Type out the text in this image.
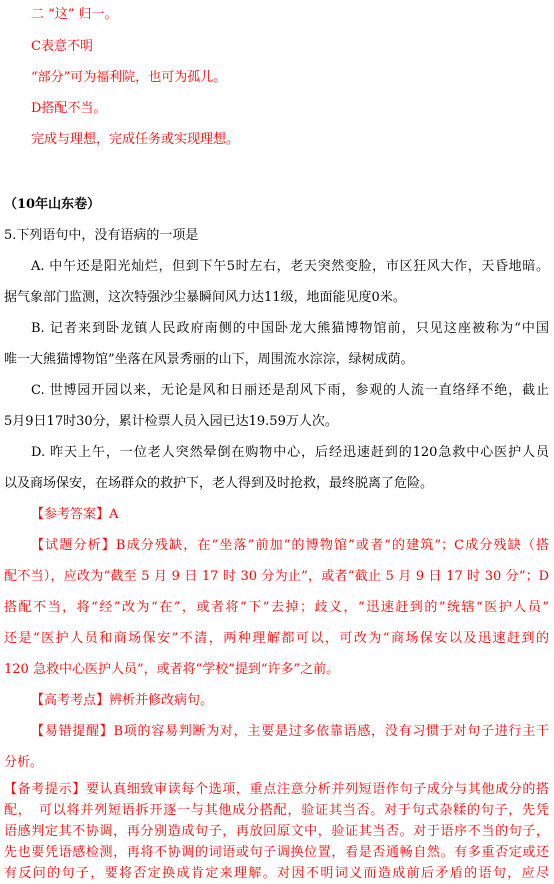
二 “这” 归一。
C表意不明
“部分”可为福利院，也可为孤儿。
D搭配不当。
完成与理想，完成任务或实现理想。
（10年山东卷）
5.下列语句中，没有语病的一项是
A. 中午还是阳光灿烂，但到下午5时左右，老天突然变脸，市区狂风大作，天昏地暗。
据气象部门监测，这次特强沙尘暴瞬间风力达11级，地面能见度0米。
B. 记者来到卧龙镇人民政府南侧的中国卧龙大熊猫博物馆前，只见这座被称为“中国
唯一大熊猫博物馆”坐落在风景秀丽的山下，周围流水淙淙，绿树成荫。
C. 世博园开园以来，无论是风和日丽还是刮风下雨，参观的人流一直络绎不绝，截止
5月9日17时30分，累计检票人员入园已达19.59万人次。
D. 昨天上午，一位老人突然晕倒在购物中心，后经迅速赶到的120急救中心医护人员
以及商场保安，在场群众的救护下，老人得到及时抢救，最终脱离了危险。
【参考答案】A
【试题分析】B成分残缺，在“坐落”前加“的博物馆”或者“的建筑”；C成分残缺（搭
配不当），应改为“截至 5 月 9 日 17 时 30 分为止”，或者“截止 5 月 9 日 17 时 30 分”；D
搭配不当，将“经”改为“在”，或者将“下”去掉；歧义，“迅速赶到的”统辖“医护人员”
还是“医护人员和商场保安”不清，两种理解都可以，可改为“商场保安以及迅速赶到的
120 急救中心医护人员”，或者将“学校”提到“许多”之前。
【高考考点】辨析并修改病句。
【易错提醒】B项的容易判断为对，主要是过多依靠语感，没有习惯于对句子进行主干
分析。
【备考提示】要认真细致审读每个选项，重点注意分析并列短语作句子成分与其他成分的搭
配，　可以将并列短语拆开逐一与其他成分搭配，验证其当否。对于句式杂糅的句子，先凭
语感判定其不协调，再分别造成句子，再放回原文中，验证其当否。对于语序不当的句子，
先也要凭语感检测，再将不协调的词语或句子调换位置，看是否通畅自然。有多重否定或还
有反问的句子，要将否定换成肯定来理解。对因不明词义而造成前后矛盾的语句，应尽
